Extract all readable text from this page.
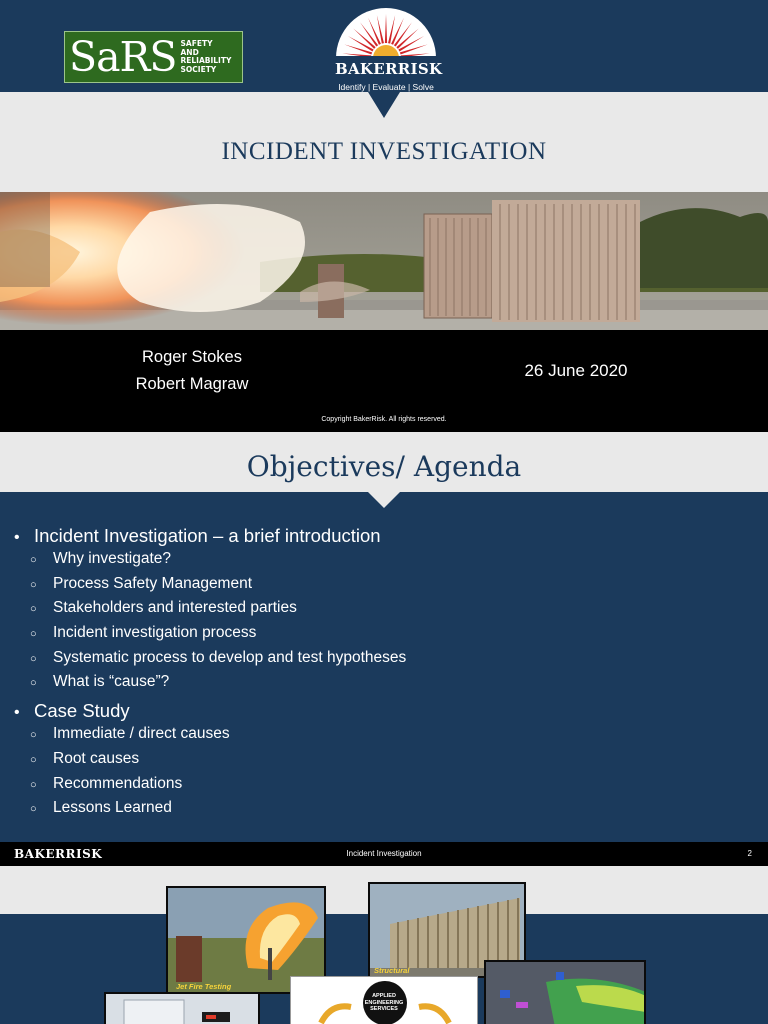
SaRS SAFETY
AND
RELIABILITY
SOCIETY	BAKERRISK
Identify | Evaluate | Solve
INCIDENT INVESTIGATION
Roger Stokes
Robert Magraw
26 June 2020
Copyright BakerRisk. All rights reserved.
Objectives/ Agenda
• Incident Investigation – a brief introduction
○	Why investigate?
○	Process Safety Management
○	Stakeholders and interested parties
○	Incident investigation process
○	Systematic process to develop and test hypotheses
○	What is “cause”?
• Case Study
○	Immediate / direct causes
○	Root causes
○	Recommendations
○	Lessons Learned
BAKERRISK	Incident Investigation	2
Jet Fire Testing
Structural
APPLIED
ENGINEERING
SERVICES
